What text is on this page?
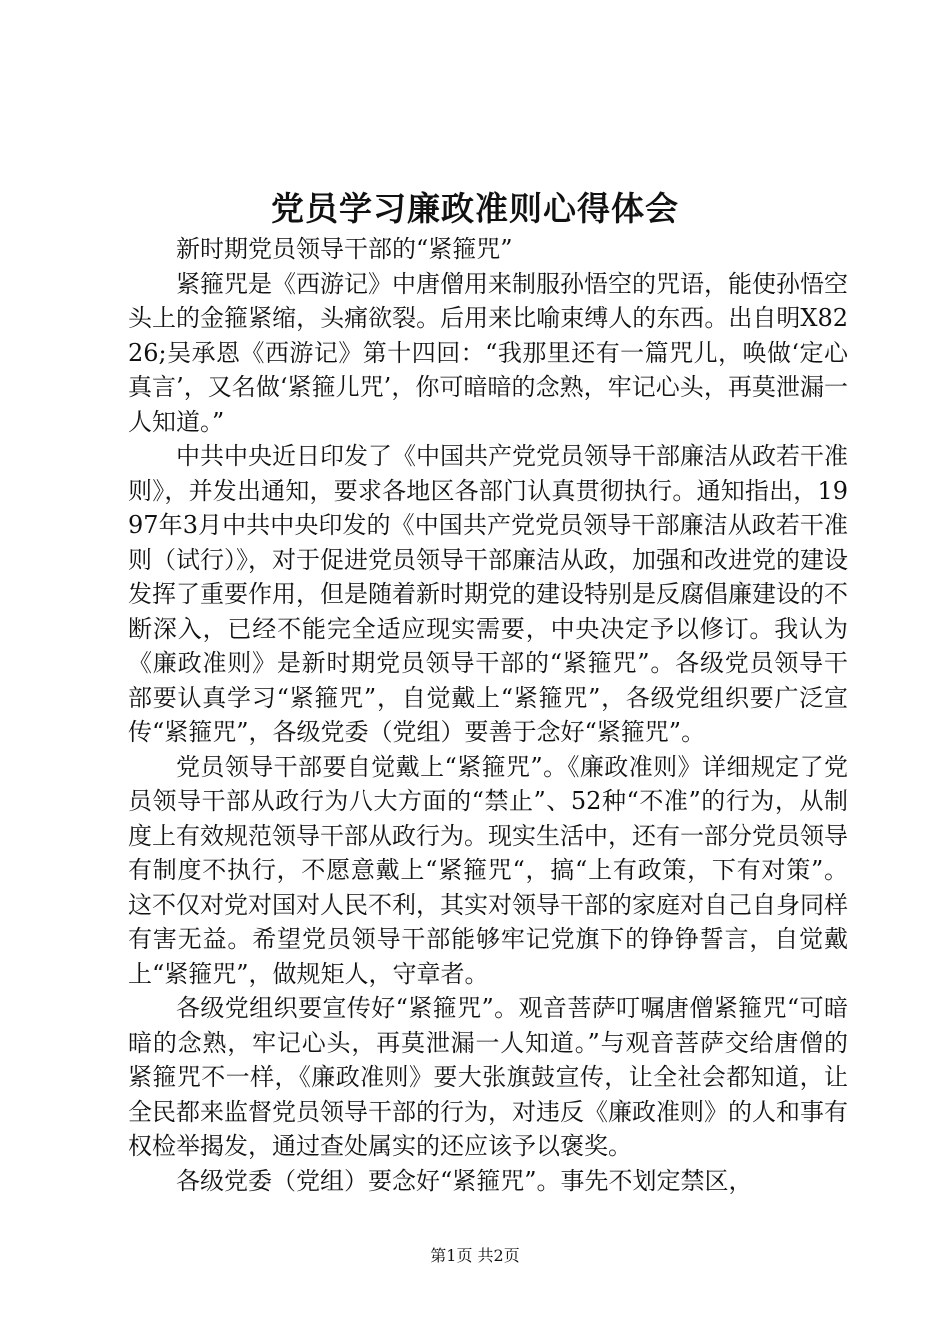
党员学习廉政准则心得体会

新时期党员领导干部的“紧箍咒”

紧箍咒是《西游记》中唐僧用来制服孙悟空的咒语，能使孙悟空头上的金箍紧缩，头痛欲裂。后用来比喻束缚人的东西。出自明X8226;吴承恩《西游记》第十四回：“我那里还有一篇咒儿，唤做‘定心真言’，又名做‘紧箍儿咒’，你可暗暗的念熟，牢记心头，再莫泄漏一人知道。”

中共中央近日印发了《中国共产党党员领导干部廉洁从政若干准则》，并发出通知，要求各地区各部门认真贯彻执行。通知指出，1997年3月中共中央印发的《中国共产党党员领导干部廉洁从政若干准则（试行）》，对于促进党员领导干部廉洁从政，加强和改进党的建设发挥了重要作用，但是随着新时期党的建设特别是反腐倡廉建设的不断深入，已经不能完全适应现实需要，中央决定予以修订。我认为《廉政准则》是新时期党员领导干部的“紧箍咒”。各级党员领导干部要认真学习“紧箍咒”，自觉戴上“紧箍咒”，各级党组织要广泛宣传“紧箍咒”，各级党委（党组）要善于念好“紧箍咒”。

党员领导干部要自觉戴上“紧箍咒”。《廉政准则》详细规定了党员领导干部从政行为八大方面的“禁止”、52种“不准”的行为，从制度上有效规范领导干部从政行为。现实生活中，还有一部分党员领导有制度不执行，不愿意戴上“紧箍咒“，搞“上有政策，下有对策”。这不仅对党对国对人民不利，其实对领导干部的家庭对自己自身同样有害无益。希望党员领导干部能够牢记党旗下的铮铮誓言，自觉戴上“紧箍咒”，做规矩人，守章者。

各级党组织要宣传好“紧箍咒”。观音菩萨叮嘱唐僧紧箍咒“可暗暗的念熟，牢记心头，再莫泄漏一人知道。”与观音菩萨交给唐僧的紧箍咒不一样，《廉政准则》要大张旗鼓宣传，让全社会都知道，让全民都来监督党员领导干部的行为，对违反《廉政准则》的人和事有权检举揭发，通过查处属实的还应该予以褒奖。

各级党委（党组）要念好“紧箍咒”。事先不划定禁区，

第1页 共2页
